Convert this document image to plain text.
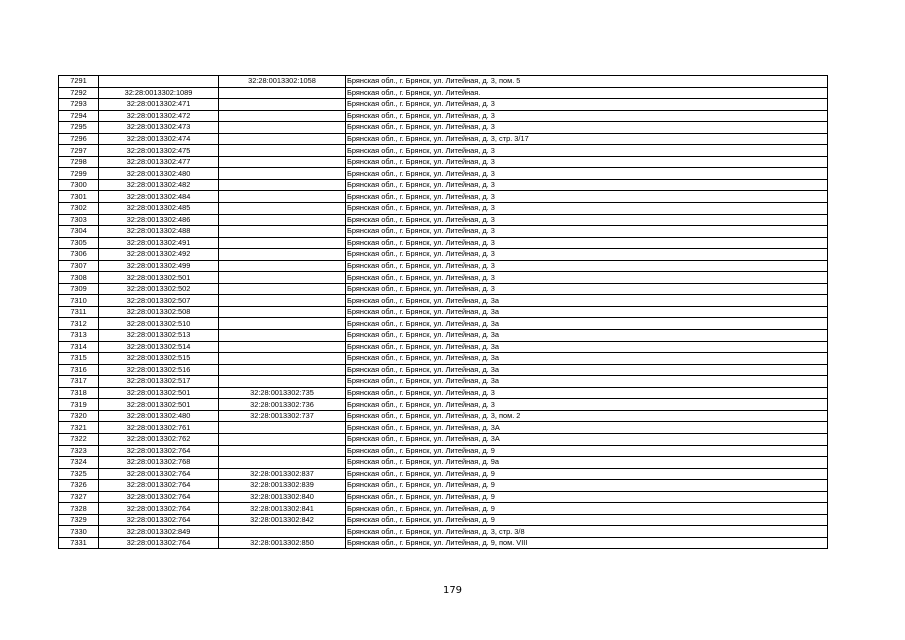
7291		32:28:0013302:1058	Брянская обл., г. Брянск, ул. Литейная, д. 3, пом. 5
7292	32:28:0013302:1089		Брянская обл., г. Брянск, ул. Литейная.
7293	32:28:0013302:471		Брянская обл., г. Брянск, ул. Литейная, д. 3
7294	32:28:0013302:472		Брянская обл., г. Брянск, ул. Литейная, д. 3
7295	32:28:0013302:473		Брянская обл., г. Брянск, ул. Литейная, д. 3
7296	32:28:0013302:474		Брянская обл., г. Брянск, ул. Литейная, д. 3, стр. 3/17
7297	32:28:0013302:475		Брянская обл., г. Брянск, ул. Литейная, д. 3
7298	32:28:0013302:477		Брянская обл., г. Брянск, ул. Литейная, д. 3
7299	32:28:0013302:480		Брянская обл., г. Брянск, ул. Литейная, д. 3
7300	32:28:0013302:482		Брянская обл., г. Брянск, ул. Литейная, д. 3
7301	32:28:0013302:484		Брянская обл., г. Брянск, ул. Литейная, д. 3
7302	32:28:0013302:485		Брянская обл., г. Брянск, ул. Литейная, д. 3
7303	32:28:0013302:486		Брянская обл., г. Брянск, ул. Литейная, д. 3
7304	32:28:0013302:488		Брянская обл., г. Брянск, ул. Литейная, д. 3
7305	32:28:0013302:491		Брянская обл., г. Брянск, ул. Литейная, д. 3
7306	32:28:0013302:492		Брянская обл., г. Брянск, ул. Литейная, д. 3
7307	32:28:0013302:499		Брянская обл., г. Брянск, ул. Литейная, д. 3
7308	32:28:0013302:501		Брянская обл., г. Брянск, ул. Литейная, д. 3
7309	32:28:0013302:502		Брянская обл., г. Брянск, ул. Литейная, д. 3
7310	32:28:0013302:507		Брянская обл., г. Брянск, ул. Литейная, д. 3а
7311	32:28:0013302:508		Брянская обл., г. Брянск, ул. Литейная, д. 3а
7312	32:28:0013302:510		Брянская обл., г. Брянск, ул. Литейная, д. 3а
7313	32:28:0013302:513		Брянская обл., г. Брянск, ул. Литейная, д. 3а
7314	32:28:0013302:514		Брянская обл., г. Брянск, ул. Литейная, д. 3а
7315	32:28:0013302:515		Брянская обл., г. Брянск, ул. Литейная, д. 3а
7316	32:28:0013302:516		Брянская обл., г. Брянск, ул. Литейная, д. 3а
7317	32:28:0013302:517		Брянская обл., г. Брянск, ул. Литейная, д. 3а
7318	32:28:0013302:501	32:28:0013302:735	Брянская обл., г. Брянск, ул. Литейная, д. 3
7319	32:28:0013302:501	32:28:0013302:736	Брянская обл., г. Брянск, ул. Литейная, д. 3
7320	32:28:0013302:480	32:28:0013302:737	Брянская обл., г. Брянск, ул. Литейная, д. 3, пом. 2
7321	32:28:0013302:761		Брянская обл., г. Брянск, ул. Литейная, д. 3А
7322	32:28:0013302:762		Брянская обл., г. Брянск, ул. Литейная, д. 3А
7323	32:28:0013302:764		Брянская обл., г. Брянск, ул. Литейная, д. 9
7324	32:28:0013302:768		Брянская обл., г. Брянск, ул. Литейная, д. 9а
7325	32:28:0013302:764	32:28:0013302:837	Брянская обл., г. Брянск, ул. Литейная, д. 9
7326	32:28:0013302:764	32:28:0013302:839	Брянская обл., г. Брянск, ул. Литейная, д. 9
7327	32:28:0013302:764	32:28:0013302:840	Брянская обл., г. Брянск, ул. Литейная, д. 9
7328	32:28:0013302:764	32:28:0013302:841	Брянская обл., г. Брянск, ул. Литейная, д. 9
7329	32:28:0013302:764	32:28:0013302:842	Брянская обл., г. Брянск, ул. Литейная, д. 9
7330	32:28:0013302:849		Брянская обл., г. Брянск, ул. Литейная, д. 3, стр. 3/8
7331	32:28:0013302:764	32:28:0013302:850	Брянская обл., г. Брянск, ул. Литейная, д. 9, пом. VIII
179
